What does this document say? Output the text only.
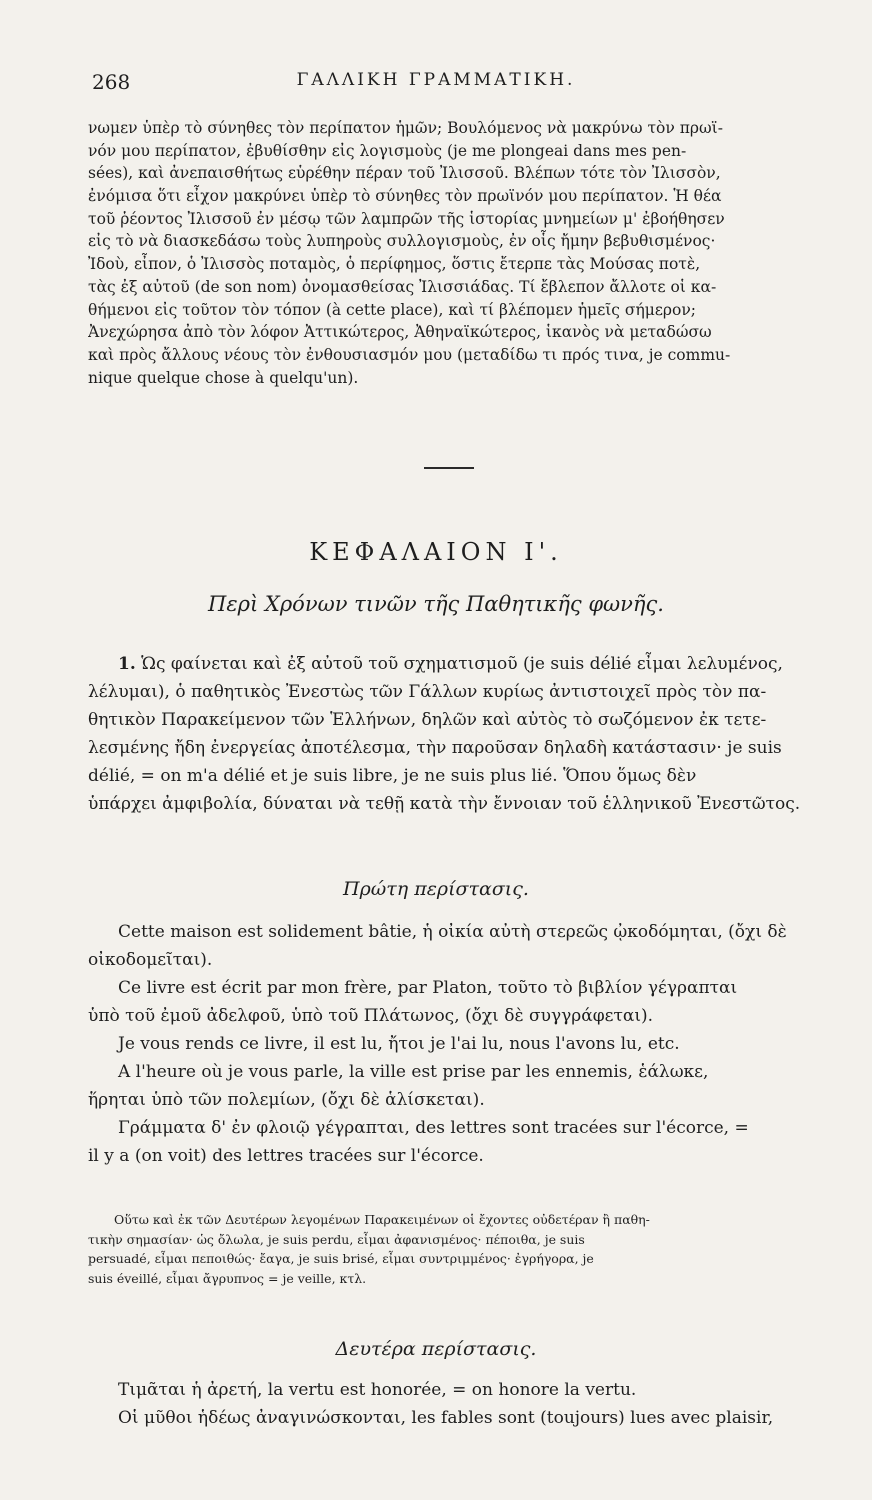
268	ΓΑΛΛΙΚΗ ΓΡΑΜΜΑΤΙΚΗ.
νωμεν ὑπὲρ τὸ σύνηθες τὸν περίπατον ἡμῶν; Βουλόμενος νὰ μακρύνω τὸν πρωϊ-
νόν μου περίπατον, ἐβυθίσθην εἰς λογισμοὺς (je me plongeai dans mes pen-
sées), καὶ ἀνεπαισθήτως εὑρέθην πέραν τοῦ Ἰλισσοῦ. Βλέπων τότε τὸν Ἰλισσὸν,
ἐνόμισα ὅτι εἶχον μακρύνει ὑπὲρ τὸ σύνηθες τὸν πρωϊνόν μου περίπατον. Ἡ θέα
τοῦ ῥέοντος Ἰλισσοῦ ἐν μέσῳ τῶν λαμπρῶν τῆς ἱστορίας μνημείων μ' ἐβοήθησεν
εἰς τὸ νὰ διασκεδάσω τοὺς λυπηροὺς συλλογισμοὺς, ἐν οἷς ἤμην βεβυθισμένος·
Ἰδοὺ, εἶπον, ὁ Ἰλισσὸς ποταμὸς, ὁ περίφημος, ὅστις ἔτερπε τὰς Μούσας ποτὲ,
τὰς ἐξ αὐτοῦ (de son nom) ὀνομασθείσας Ἰλισσιάδας. Τί ἔβλεπον ἄλλοτε οἱ κα-
θήμενοι εἰς τοῦτον τὸν τόπον (à cette place), καὶ τί βλέπομεν ἡμεῖς σήμερον;
Ἀνεχώρησα ἀπὸ τὸν λόφον Ἀττικώτερος, Ἀθηναϊκώτερος, ἱκανὸς νὰ μεταδώσω
καὶ πρὸς ἄλλους νέους τὸν ἐνθουσιασμόν μου (μεταδίδω τι πρός τινα, je commu-
nique quelque chose à quelqu'un).
ΚΕΦΑΛΑΙΟΝ Ι'.
Περὶ Χρόνων τινῶν τῆς Παθητικῆς φωνῆς.
1. Ὡς φαίνεται καὶ ἐξ αὐτοῦ τοῦ σχηματισμοῦ (je suis délié εἶμαι λελυμένος,
λέλυμαι), ὁ παθητικὸς Ἐνεστὼς τῶν Γάλλων κυρίως ἀντιστοιχεῖ πρὸς τὸν πα-
θητικὸν Παρακείμενον τῶν Ἑλλήνων, δηλῶν καὶ αὐτὸς τὸ σωζόμενον ἐκ τετε-
λεσμένης ἤδη ἐνεργείας ἀποτέλεσμα, τὴν παροῦσαν δηλαδὴ κατάστασιν· je suis
délié, = on m'a délié et je suis libre, je ne suis plus lié. Ὅπου ὅμως δὲν
ὑπάρχει ἀμφιβολία, δύναται νὰ τεθῇ κατὰ τὴν ἔννοιαν τοῦ ἑλληνικοῦ Ἐνεστῶτος.
Πρώτη περίστασις.
Cette maison est solidement bâtie, ἡ οἰκία αὐτὴ στερεῶς ᾠκοδόμηται, (ὄχι δὲ
οἰκοδομεῖται).
Ce livre est écrit par mon frère, par Platon, τοῦτο τὸ βιβλίον γέγραπται
ὑπὸ τοῦ ἐμοῦ ἀδελφοῦ, ὑπὸ τοῦ Πλάτωνος, (ὄχι δὲ συγγράφεται).
Je vous rends ce livre, il est lu, ἤτοι je l'ai lu, nous l'avons lu, etc.
A l'heure où je vous parle, la ville est prise par les ennemis, ἑάλωκε,
ἥρηται ὑπὸ τῶν πολεμίων, (ὄχι δὲ ἁλίσκεται).
Γράμματα δ' ἐν φλοιῷ γέγραπται, des lettres sont tracées sur l'écorce, =
il y a (on voit) des lettres tracées sur l'écorce.
Οὕτω καὶ ἐκ τῶν Δευτέρων λεγομένων Παρακειμένων οἱ ἔχοντες οὐδετέραν ἢ παθη-
τικὴν σημασίαν· ὡς ὄλωλα, je suis perdu, εἶμαι ἀφανισμένος· πέποιθα, je suis
persuadé, εἶμαι πεποιθώς· ἔαγα, je suis brisé, εἶμαι συντριμμένος· ἐγρήγορα, je
suis éveillé, εἶμαι ἄγρυπνος = je veille, κτλ.
Δευτέρα περίστασις.
Τιμᾶται ἡ ἀρετή, la vertu est honorée, = on honore la vertu.
Οἱ μῦθοι ἡδέως ἀναγινώσκονται, les fables sont (toujours) lues avec plaisir,
